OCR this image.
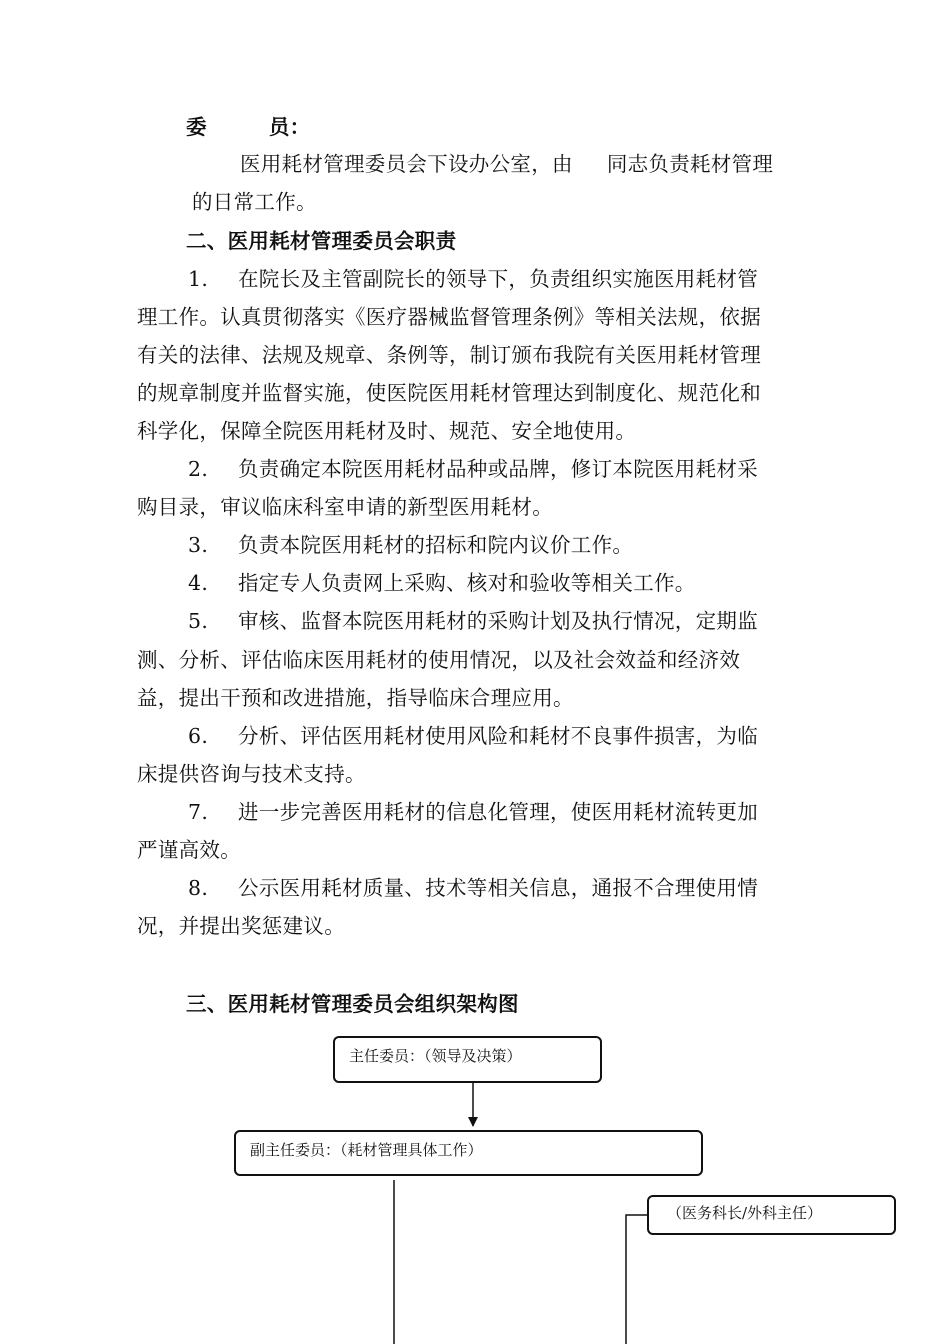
委	员：
医用耗材管理委员会下设办公室，由 同志负责耗材管理
的日常工作。
二、医用耗材管理委员会职责
1. 在院长及主管副院长的领导下，负责组织实施医用耗材管
理工作。认真贯彻落实《医疗器械监督管理条例》等相关法规，依据
有关的法律、法规及规章、条例等，制订颁布我院有关医用耗材管理
的规章制度并监督实施，使医院医用耗材管理达到制度化、规范化和
科学化，保障全院医用耗材及时、规范、安全地使用。
2. 负责确定本院医用耗材品种或品牌，修订本院医用耗材采
购目录，审议临床科室申请的新型医用耗材。
3. 负责本院医用耗材的招标和院内议价工作。
4. 指定专人负责网上采购、核对和验收等相关工作。
5. 审核、监督本院医用耗材的采购计划及执行情况，定期监
测、分析、评估临床医用耗材的使用情况，以及社会效益和经济效
益，提出干预和改进措施，指导临床合理应用。
6. 分析、评估医用耗材使用风险和耗材不良事件损害，为临
床提供咨询与技术支持。
7. 进一步完善医用耗材的信息化管理，使医用耗材流转更加
严谨高效。
8. 公示医用耗材质量、技术等相关信息，通报不合理使用情
况，并提出奖惩建议。
三、医用耗材管理委员会组织架构图
主任委员：（领导及决策）
副主任委员：（耗材管理具体工作）
（医务科长/外科主任）
